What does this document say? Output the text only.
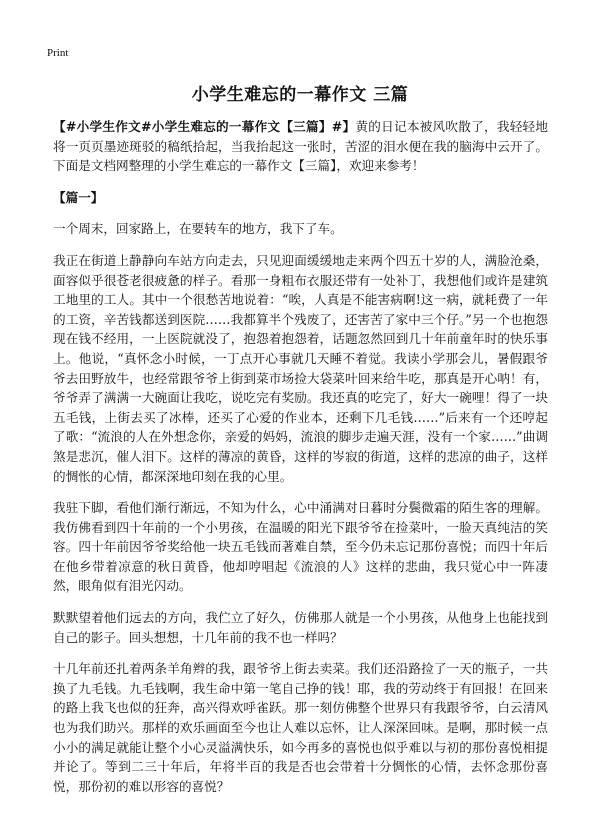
Print
小学生难忘的一幕作文 三篇

【#小学生作文#小学生难忘的一幕作文【三篇】#】黄的日记本被风吹散了，我轻轻地将一页页墨迹斑驳的稿纸拾起，当我抬起这一张时，苦涩的泪水便在我的脑海中云开了。下面是文档网整理的小学生难忘的一幕作文【三篇】，欢迎来参考！

【篇一】

一个周末，回家路上，在要转车的地方，我下了车。

我正在街道上静静向车站方向走去，只见迎面缓缓地走来两个四五十岁的人，满脸沧桑，面容似乎很苍老很疲惫的样子。看那一身粗布衣服还带有一处补丁，我想他们或许是建筑工地里的工人。其中一个很愁苦地说着：“唉，人真是不能害病啊!这一病，就耗费了一年的工资，辛苦钱都送到医院……我都算半个残废了，还害苦了家中三个仔。”另一个也抱怨现在钱不经用，一上医院就没了，抱怨着抱怨着，话题忽然回到几十年前童年时的快乐事上。他说，“真怀念小时候，一丁点开心事就几天睡不着觉。我读小学那会儿，暑假跟爷爷去田野放牛，也经常跟爷爷上街到菜市场捡大袋菜叶回来给牛吃，那真是开心呐！有，爷爷弄了满满一大碗面让我吃，说吃完有奖励。我还真的吃完了，好大一碗哩！得了一块五毛钱，上街去买了冰棒，还买了心爱的作业本，还剩下几毛钱……”后来有一个还哼起了歌：“流浪的人在外想念你，亲爱的妈妈，流浪的脚步走遍天涯，没有一个家……”曲调煞是悲沉，催人泪下。这样的薄凉的黄昏，这样的岑寂的街道，这样的悲凉的曲子，这样的惆怅的心情，都深深地印刻在我的心里。

我驻下脚，看他们渐行渐远，不知为什么，心中涌满对日暮时分鬓微霜的陌生客的理解。我仿佛看到四十年前的一个小男孩，在温暖的阳光下跟爷爷在捡菜叶，一脸天真纯洁的笑容。四十年前因爷爷奖给他一块五毛钱而著难自禁，至今仍未忘记那份喜悦；而四十年后在他乡带着凉意的秋日黄昏，他却哼唱起《流浪的人》这样的悲曲，我只觉心中一阵凄然，眼角似有泪光闪动。

默默望着他们远去的方向，我伫立了好久，仿佛那人就是一个小男孩，从他身上也能找到自己的影子。回头想想，十几年前的我不也一样吗？

十几年前还扎着两条羊角辫的我，跟爷爷上街去卖菜。我们还沿路捡了一天的瓶子，一共换了九毛钱。九毛钱啊，我生命中第一笔自己挣的钱！耶，我的劳动终于有回报！在回来的路上我飞也似的狂奔，高兴得欢呼雀跃。那一刻仿佛整个世界只有我跟爷爷，白云清风也为我们助兴。那样的欢乐画面至今也让人难以忘怀，让人深深回味。是啊，那时候一点小小的满足就能让整个小心灵溢满快乐，如今再多的喜悦也似乎难以与初的那份喜悦相提并论了。等到二三十年后，年将半百的我是否也会带着十分惆怅的心情，去怀念那份喜悦，那份初的难以形容的喜悦？
